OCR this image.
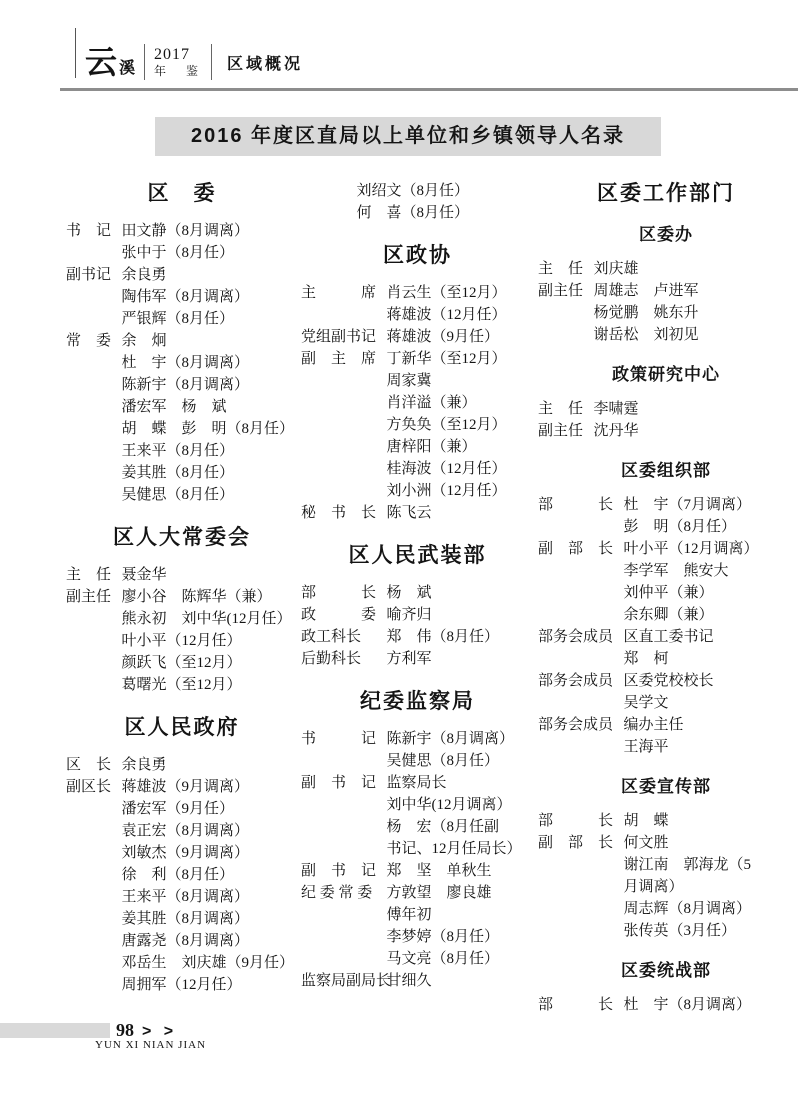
云 溪
2017
年　鉴 区域概况
2016 年度区直局以上单位和乡镇领导人名录
区　委
书　记 田文静（8月调离）
张中于（8月任）
副书记 余良勇
陶伟军（8月调离）
严银辉（8月任）
常　委 余　炯
杜　宇（8月调离）
陈新宇（8月调离）
潘宏军　杨　斌
胡　蝶　彭　明（8月任）
王来平（8月任）
姜其胜（8月任）
吴健思（8月任）
区人大常委会
主　任 聂金华
副主任 廖小谷　陈辉华（兼）
熊永初　刘中华(12月任）
叶小平（12月任）
颜跃飞（至12月）
葛曙光（至12月）
区人民政府
区　长 余良勇
副区长 蒋雄波（9月调离）
潘宏军（9月任）
袁正宏（8月调离）
刘敏杰（9月调离）
徐　利（8月任）
王来平（8月调离）
姜其胜（8月调离）
唐露尧（8月调离）
邓岳生　刘庆雄（9月任）
周拥军（12月任）
刘绍文（8月任）
何　喜（8月任）
区政协
主　　　席 肖云生（至12月）
蒋雄波（12月任）
党组副书记 蒋雄波（9月任）
副　主　席 丁新华（至12月）
周家冀
肖洋溢（兼）
方奂奂（至12月）
唐梓阳（兼）
桂海波（12月任）
刘小洲（12月任）
秘　书　长 陈飞云
区人民武装部
部　　　长 杨　斌
政　　　委 喻齐归
政工科长	郑　伟（8月任）
后勤科长	方利军
纪委监察局
书　　　记 陈新宇（8月调离）
吴健思（8月任）
副　书　记 监察局长
刘中华(12月调离）
杨　宏（8月任副
书记、12月任局长）
副　书　记 郑　坚　单秋生
纪 委 常 委 方敦望　廖良雄
傅年初
李梦婷（8月任）
马文亮（8月任）
监察局副局长
甘细久
区委工作部门
区委办
主　任 刘庆雄
副主任 周雄志　卢进军
杨觉鹏　姚东升
谢岳松　刘初见
政策研究中心
主　任 李啸霆
副主任 沈丹华
区委组织部
部　　　长 杜　宇（7月调离）
彭　明（8月任）
副　部　长 叶小平（12月调离）
李学军　熊安大
刘仲平（兼）
余东卿（兼）
部务会成员 区直工委书记
郑　柯
部务会成员 区委党校校长
吴学文
部务会成员 编办主任
王海平
区委宣传部
部　　　长 胡　蝶
副　部　长 何文胜
谢江南　郭海龙（5
月调离）
周志辉（8月调离）
张传英（3月任）
区委统战部
部　　　长 杜　宇（8月调离）
98 > >
YUN XI NIAN JIAN
